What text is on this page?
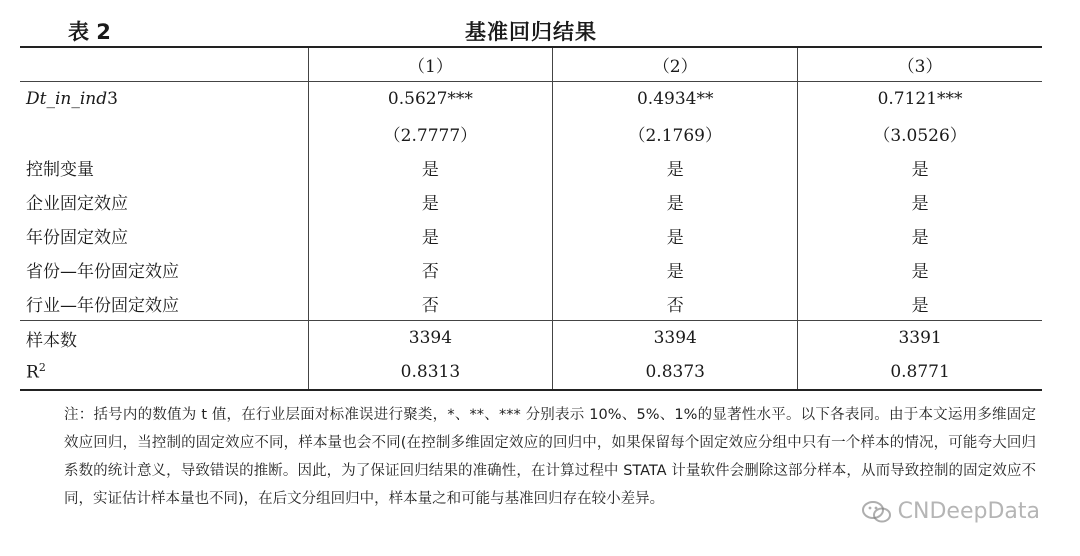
表 2	基准回归结果
	（1）	（2）	（3）
Dt_in_ind3	0.5627***	0.4934**	0.7121***
	（2.7777）	（2.1769）	（3.0526）
控制变量	是	是	是
企业固定效应	是	是	是
年份固定效应	是	是	是
省份—年份固定效应	否	是	是
行业—年份固定效应	否	否	是
样本数	3394	3394	3391
$R^2$	0.8313	0.8373	0.8771
注：括号内的数值为 t 值，在行业层面对标准误进行聚类，*、**、*** 分别表示 10%、5%、1%的显著性水平。以下各表同。由于本文运用多维固定效应回归，当控制的固定效应不同，样本量也会不同(在控制多维固定效应的回归中，如果保留每个固定效应分组中只有一个样本的情况，可能夸大回归系数的统计意义，导致错误的推断。因此，为了保证回归结果的准确性，在计算过程中 STATA 计量软件会删除这部分样本，从而导致控制的固定效应不同，实证估计样本量也不同)，在后文分组回归中，样本量之和可能与基准回归存在较小差异。	CNDeepData
